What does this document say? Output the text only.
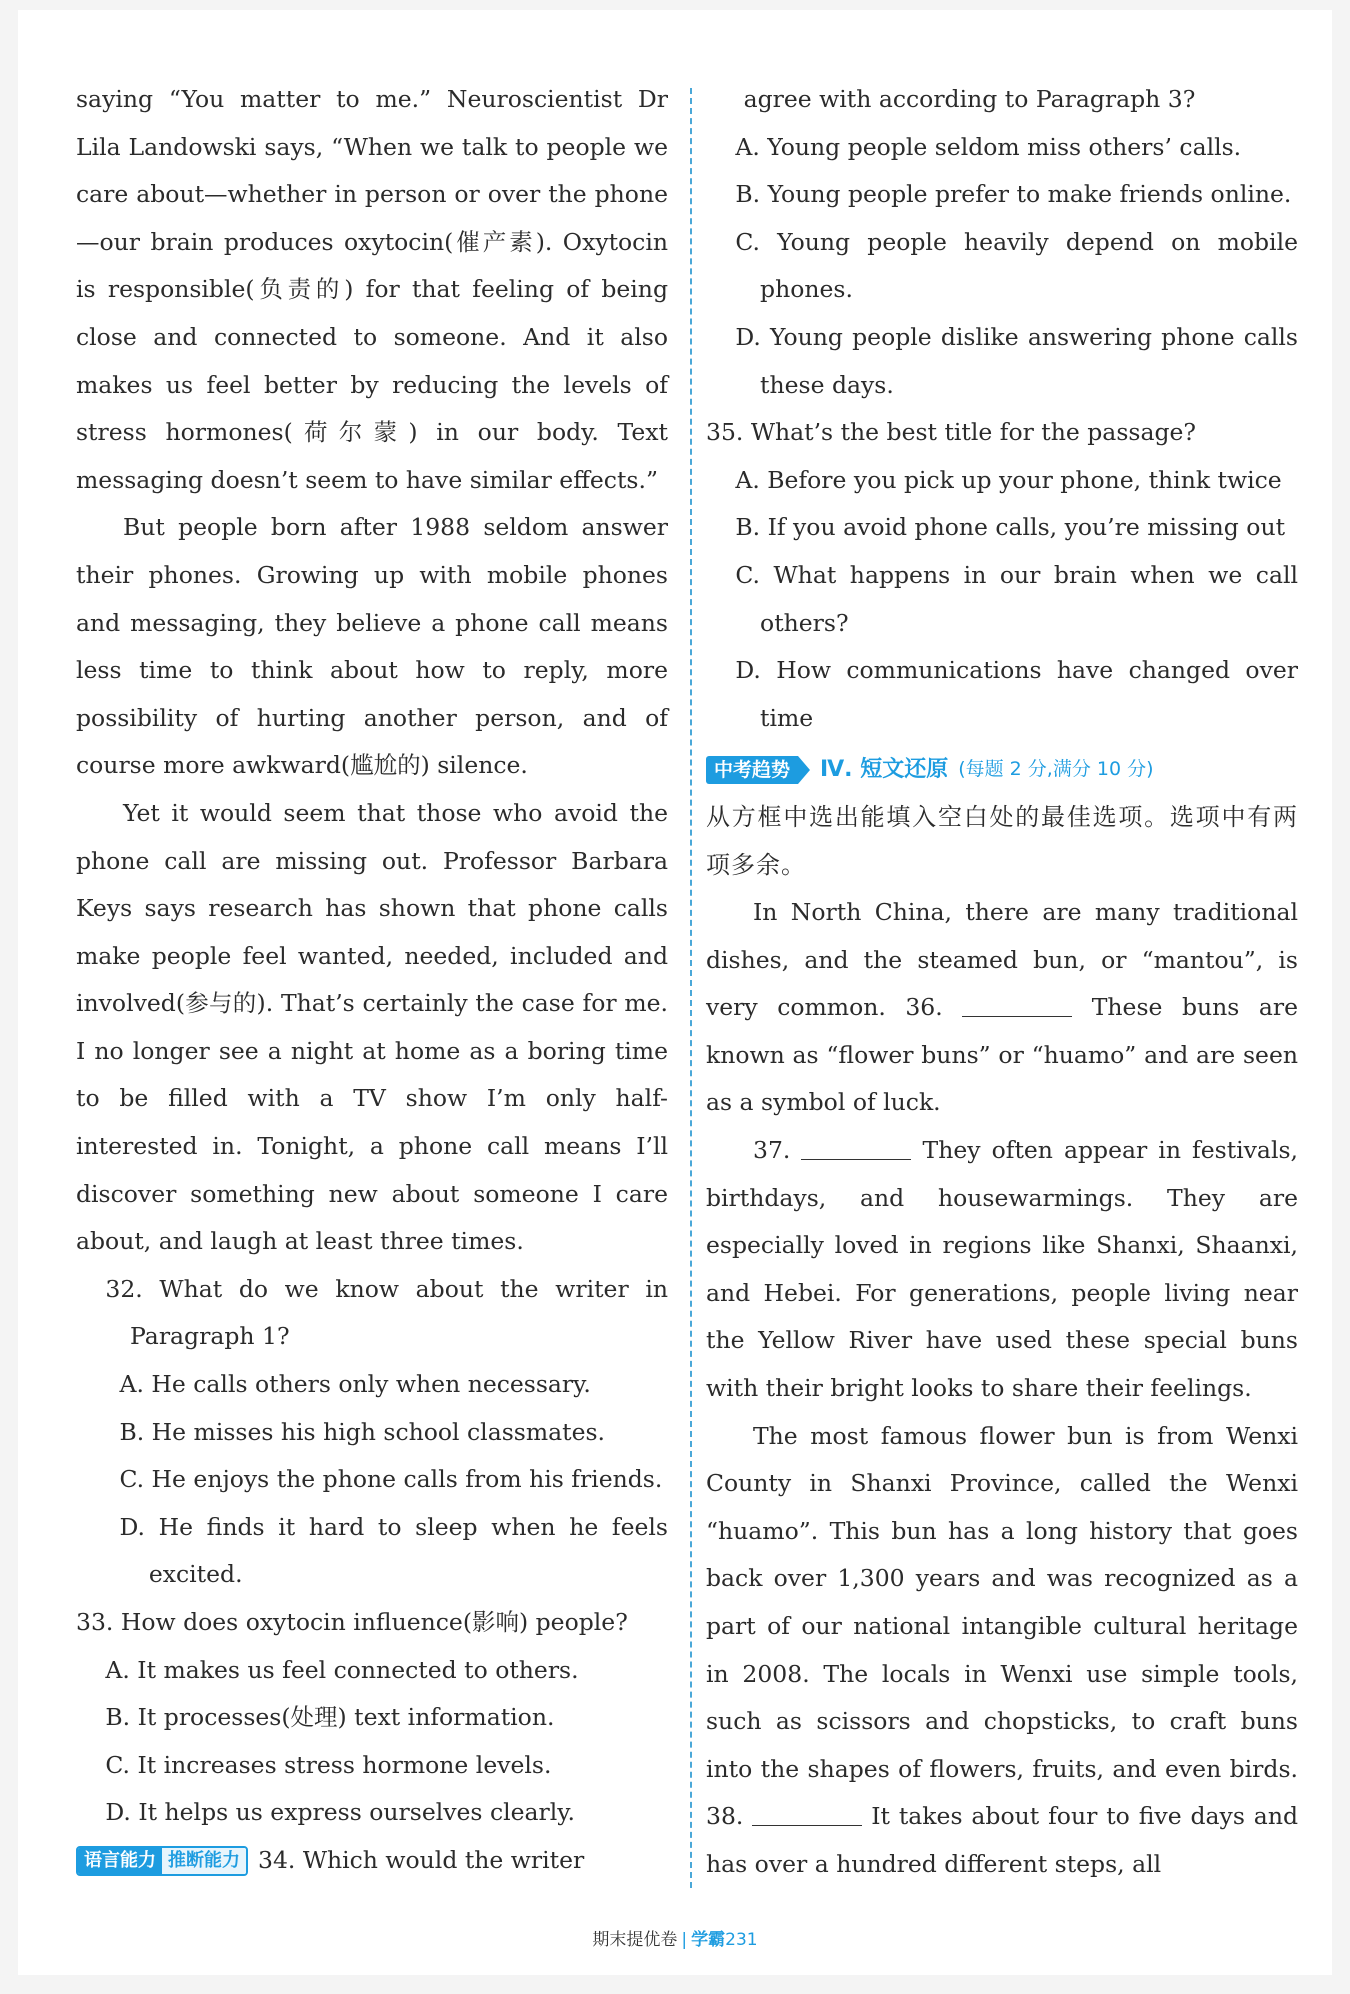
saying “You matter to me.” Neuroscientist Dr Lila Landowski says, “When we talk to people we care about—whether in person or over the phone—our brain produces oxytocin(催产素). Oxytocin is responsible(负责的) for that feeling of being close and connected to someone. And it also makes us feel better by reducing the levels of stress hormones(荷尔蒙) in our body. Text messaging doesn’t seem to have similar effects.”

But people born after 1988 seldom answer their phones. Growing up with mobile phones and messaging, they believe a phone call means less time to think about how to reply, more possibility of hurting another person, and of course more awkward(尴尬的) silence.

Yet it would seem that those who avoid the phone call are missing out. Professor Barbara Keys says research has shown that phone calls make people feel wanted, needed, included and involved(参与的). That’s certainly the case for me. I no longer see a night at home as a boring time to be filled with a TV show I’m only half-interested in. Tonight, a phone call means I’ll discover something new about someone I care about, and laugh at least three times.

32. What do we know about the writer in Paragraph 1?

A. He calls others only when necessary.

B. He misses his high school classmates.

C. He enjoys the phone calls from his friends.

D. He finds it hard to sleep when he feels excited.

33. How does oxytocin influence(影响) people?

A. It makes us feel connected to others.

B. It processes(处理) text information.

C. It increases stress hormone levels.

D. It helps us express ourselves clearly.

语言能力 推断能力 34. Which would the writer

agree with according to Paragraph 3?

A. Young people seldom miss others’ calls.

B. Young people prefer to make friends online.

C. Young people heavily depend on mobile phones.

D. Young people dislike answering phone calls these days.

35. What’s the best title for the passage?

A. Before you pick up your phone, think twice

B. If you avoid phone calls, you’re missing out

C. What happens in our brain when we call others?

D. How communications have changed over time

中考趋势	Ⅳ. 短文还原 (每题 2 分,满分 10 分)

从方框中选出能填入空白处的最佳选项。选项中有两项多余。

In North China, there are many traditional dishes, and the steamed bun, or “mantou”, is very common. 36.	These buns are known as “flower buns” or “huamo” and are seen as a symbol of luck.

37.	They often appear in festivals, birthdays, and housewarmings. They are especially loved in regions like Shanxi, Shaanxi, and Hebei. For generations, people living near the Yellow River have used these special buns with their bright looks to share their feelings.

The most famous flower bun is from Wenxi County in Shanxi Province, called the Wenxi “huamo”. This bun has a long history that goes back over 1,300 years and was recognized as a part of our national intangible cultural heritage in 2008. The locals in Wenxi use simple tools, such as scissors and chopsticks, to craft buns into the shapes of flowers, fruits, and even birds. 38.	It takes about four to five days and has over a hundred different steps, all

期末提优卷 | 学霸231
